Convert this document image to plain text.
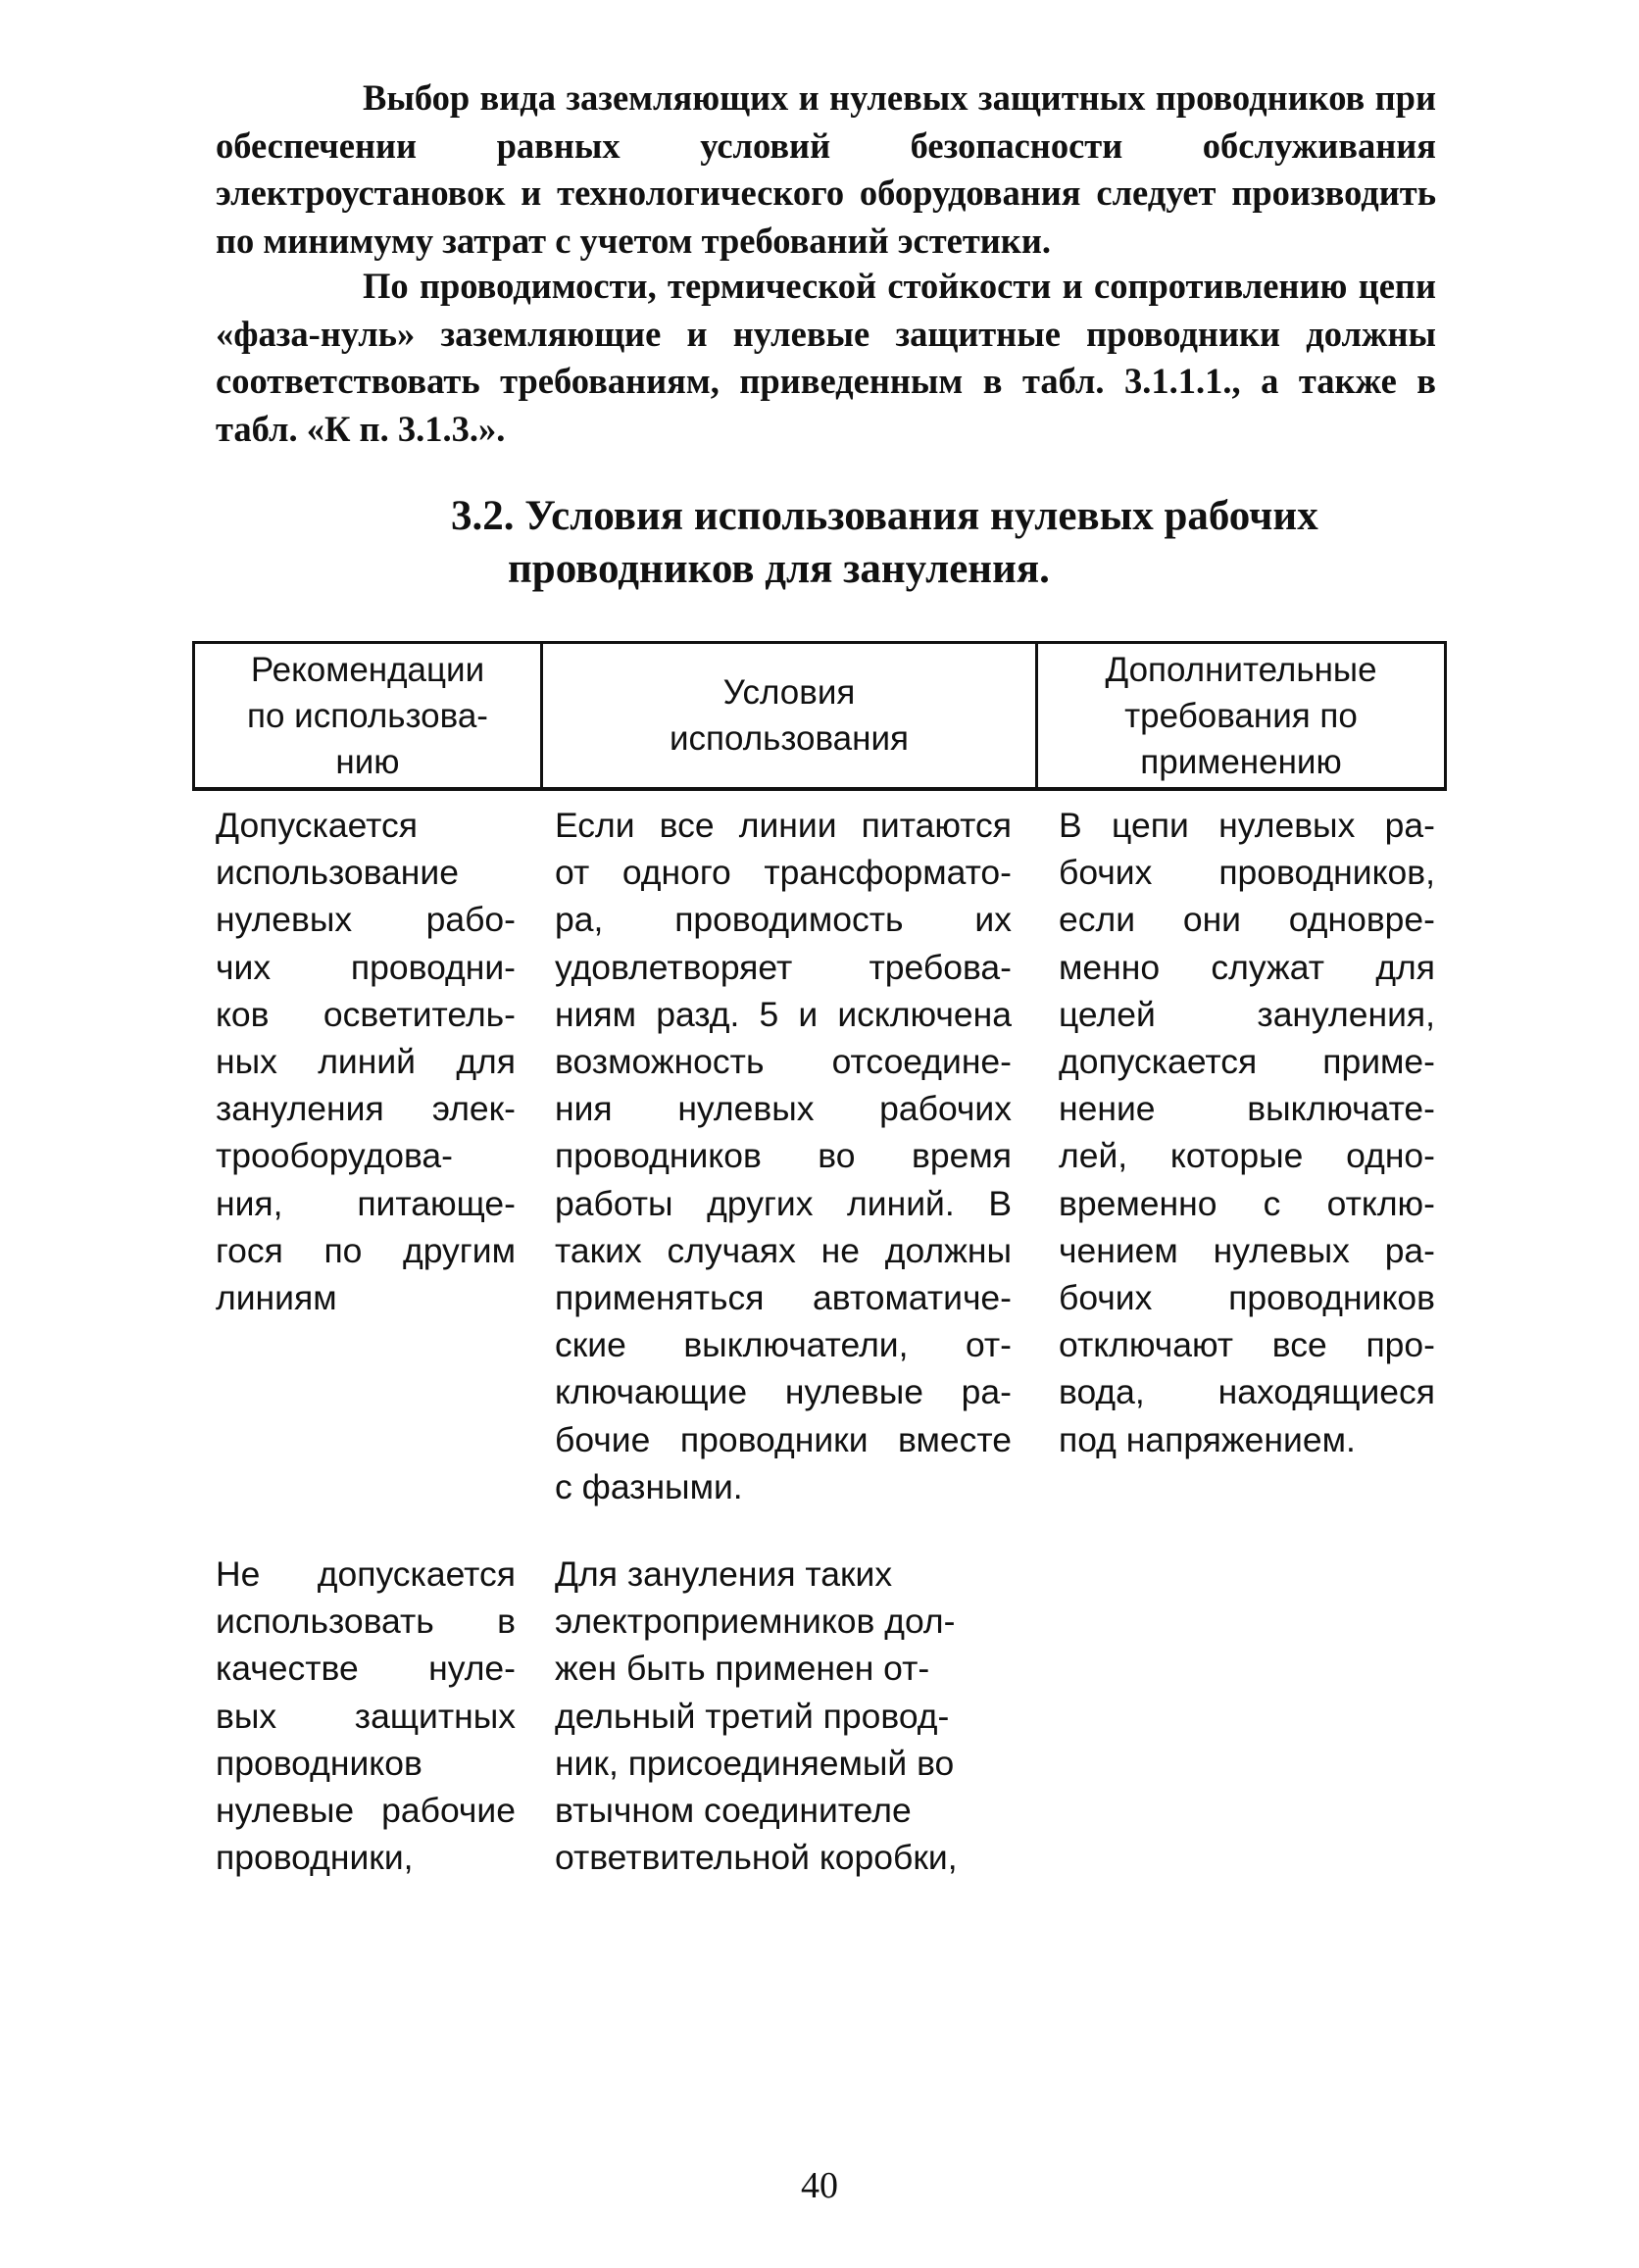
Выбор вида заземляющих и нулевых защитных проводников при обеспечении равных условий безопасности обслуживания электроустановок и технологического оборудования следует производить по минимуму затрат с учетом требований эстетики.

По проводимости, термической стойкости и сопротивлению цепи «фаза-нуль» заземляющие и нулевые защитные проводники должны соответствовать требованиям, приведенным в табл. 3.1.1.1., а также в табл. «К п. 3.1.3.».

3.2. Условия использования нулевых рабочих
проводников для зануления.
Рекомендации
по использова-
нию
Условия
использования
Дополнительные
требования по
применению
Допускается
использование
нулевых рабо-
чих проводни-
ков осветитель-
ных линий для
зануления элек-
трооборудова-
ния, питающе-
гося по другим
линиям
Если все линии питаются
от одного трансформато-
ра, проводимость их
удовлетворяет требова-
ниям разд. 5 и исключена
возможность отсоедине-
ния нулевых рабочих
проводников во время
работы других линий. В
таких случаях не должны
применяться автоматиче-
ские выключатели, от-
ключающие нулевые ра-
бочие проводники вместе
с фазными.
В цепи нулевых ра-
бочих проводников,
если они одновре-
менно служат для
целей зануления,
допускается приме-
нение выключате-
лей, которые одно-
временно с отклю-
чением нулевых ра-
бочих проводников
отключают все про-
вода, находящиеся
под напряжением.
Не допускается
использовать в
качестве нуле-
вых защитных
проводников
нулевые рабочие
проводники,
Для зануления таких
электроприемников дол-
жен быть применен от-
дельный третий провод-
ник, присоединяемый во
втычном соединителе
ответвительной коробки,
40
